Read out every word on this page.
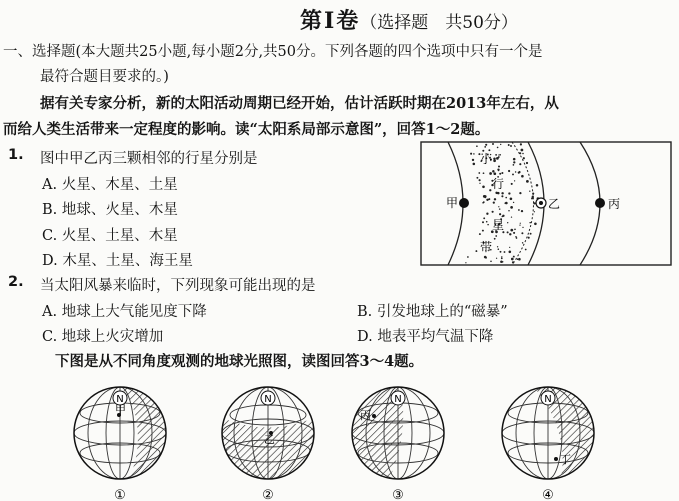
第Ⅰ卷（选择题　共50分）
一、选择题(本大题共25小题,每小题2分,共50分。下列各题的四个选项中只有一个是
最符合题目要求的。)
据有关专家分析，新的太阳活动周期已经开始，估计活跃时期在2013年左右，从
而给人类生活带来一定程度的影响。读“太阳系局部示意图”，回答1～2题。
1. 图中甲乙丙三颗相邻的行星分别是
A. 火星、木星、土星
B. 地球、火星、木星
C. 火星、土星、木星
D. 木星、土星、海王星
小
行
星
带
甲	乙	丙
2. 当太阳风暴来临时，下列现象可能出现的是
A. 地球上大气能见度下降	B. 引发地球上的“磁暴”
C. 地球上火灾增加	D. 地表平均气温下降
下图是从不同角度观测的地球光照图，读图回答3～4题。
N
甲
①
N
乙
②
N
丙
③
N
丁
④
